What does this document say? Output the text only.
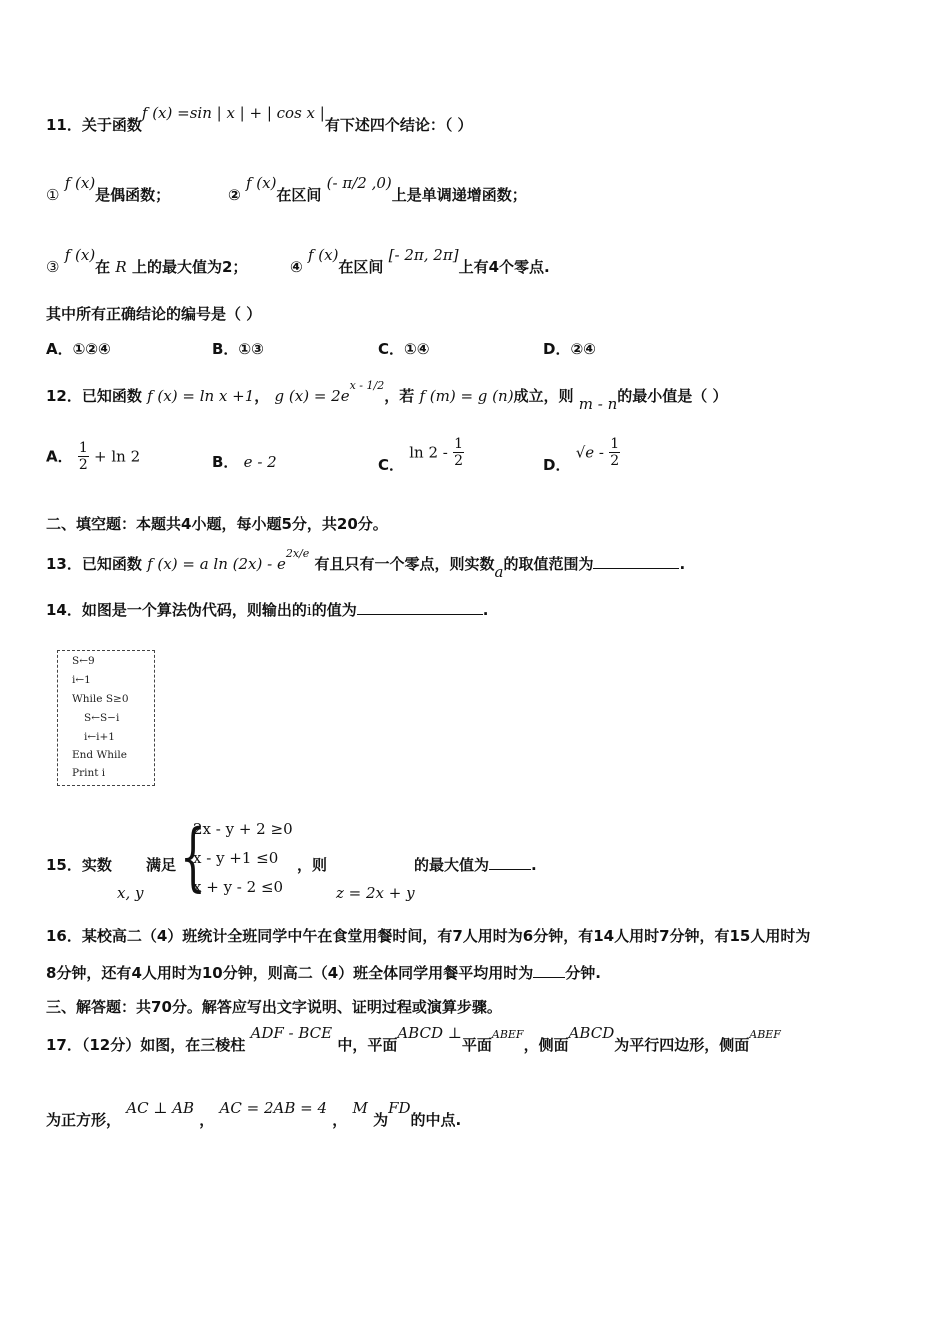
11．关于函数f (x) =sin | x | + | cos x |有下述四个结论：（ ）
① f (x)是偶函数；	② f (x)在区间 (- π/2 ,0)上是单调递增函数；
③ f (x)在 R 上的最大值为2；	④ f (x)在区间 [- 2π, 2π]上有4个零点.
其中所有正确结论的编号是（ ）
A．①②④	B．①③	C．①④	D．②④
12．已知函数 f (x) = ln x +1， g $(x) = 2e^{x - 1/2}$，若 f (m) = g (n)成立，则 m - n的最小值是（ ）
A． $\frac{1}{2} + \ln 2$	B． e - 2	C． $\ln 2 - \frac{1}{2}$	D． $√e - \frac{1}{2}$
二、填空题：本题共4小题，每小题5分，共20分。
13．已知函数 f (x) = a $\ln (2x) - e^{2x/e}$ 有且只有一个零点，则实数a的取值范围为	.
14．如图是一个算法伪代码，则输出的i的值为	.
S←9
i←1
While S≥0
S←S−i
i←i+1
End While
Print i
15．实数
x, y
满足 {
2x - y + 2 ≥0
x - y +1 ≤0
x + y - 2 ≤0
，则
z = 2x + y
的最大值为	.
16．某校高二（4）班统计全班同学中午在食堂用餐时间，有7人用时为6分钟，有14人用时7分钟，有15人用时为
8分钟，还有4人用时为10分钟，则高二（4）班全体同学用餐平均用时为 分钟.
三、解答题：共70分。解答应写出文字说明、证明过程或演算步骤。
17．（12分）如图，在三棱柱 ADF - BCE 中，平面ABCD ⊥平面$^{ABEF}$，侧面ABCD为平行四边形，侧面$^{ABEF}$
为正方形， AC ⊥ AB ， AC = 2AB = 4 ， M 为FD的中点.
